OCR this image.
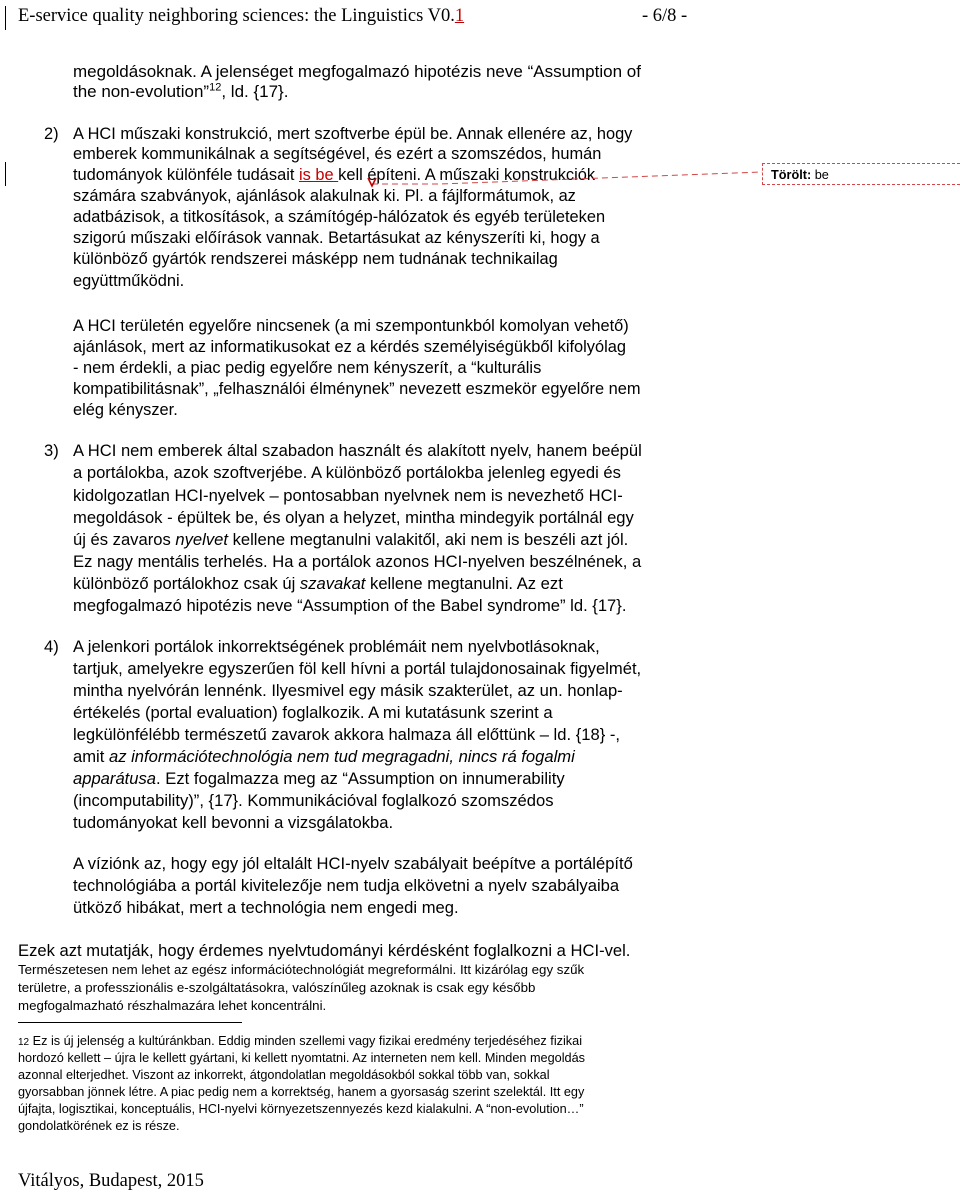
E-service quality neighboring sciences: the Linguistics V0.1	- 6/8 -
megoldásoknak. A jelenséget megfogalmazó hipotézis neve “Assumption of
the non-evolution”$^{12}$, ld. {17}.
2) A HCI műszaki konstrukció, mert szoftverbe épül be. Annak ellenére az, hogy
emberek kommunikálnak a segítségével, és ezért a szomszédos, humán
tudományok különféle tudásait is be kell építeni. A műszaki konstrukciók
számára szabványok, ajánlások alakulnak ki. Pl. a fájlformátumok, az
adatbázisok, a titkosítások, a számítógép-hálózatok és egyéb területeken
szigorú műszaki előírások vannak. Betartásukat az kényszeríti ki, hogy a
különböző gyártók rendszerei másképp nem tudnának technikailag
együttműködni.
Törölt: be
A HCI területén egyelőre nincsenek (a mi szempontunkból komolyan vehető)
ajánlások, mert az informatikusokat ez a kérdés személyiségükből kifolyólag
- nem érdekli, a piac pedig egyelőre nem kényszerít, a “kulturális
kompatibilitásnak”, „felhasználói élménynek” nevezett eszmekör egyelőre nem
elég kényszer.
3) A HCI nem emberek által szabadon használt és alakított nyelv, hanem beépül
a portálokba, azok szoftverjébe. A különböző portálokba jelenleg egyedi és
kidolgozatlan HCI-nyelvek – pontosabban nyelvnek nem is nevezhető HCI-
megoldások - épültek be, és olyan a helyzet, mintha mindegyik portálnál egy
új és zavaros nyelvet kellene megtanulni valakitől, aki nem is beszéli azt jól.
Ez nagy mentális terhelés. Ha a portálok azonos HCI-nyelven beszélnének, a
különböző portálokhoz csak új szavakat kellene megtanulni. Az ezt
megfogalmazó hipotézis neve “Assumption of the Babel syndrome” ld. {17}.
4) A jelenkori portálok inkorrektségének problémáit nem nyelvbotlásoknak,
tartjuk, amelyekre egyszerűen föl kell hívni a portál tulajdonosainak figyelmét,
mintha nyelvórán lennénk. Ilyesmivel egy másik szakterület, az un. honlap-
értékelés (portal evaluation) foglalkozik. A mi kutatásunk szerint a
legkülönfélébb természetű zavarok akkora halmaza áll előttünk – ld. {18} -,
amit az információtechnológia nem tud megragadni, nincs rá fogalmi
apparátusa. Ezt fogalmazza meg az “Assumption on innumerability
(incomputability)”, {17}. Kommunikációval foglalkozó szomszédos
tudományokat kell bevonni a vizsgálatokba.
A víziónk az, hogy egy jól eltalált HCI-nyelv szabályait beépítve a portálépítő
technológiába a portál kivitelezője nem tudja elkövetni a nyelv szabályaiba
ütköző hibákat, mert a technológia nem engedi meg.
Ezek azt mutatják, hogy érdemes nyelvtudományi kérdésként foglalkozni a HCI-vel.
Természetesen nem lehet az egész információtechnológiát megreformálni. Itt kizárólag egy szűk
területre, a professzionális e-szolgáltatásokra, valószínűleg azoknak is csak egy később
megfogalmazható részhalmazára lehet koncentrálni.
12 Ez is új jelenség a kultúránkban. Eddig minden szellemi vagy fizikai eredmény terjedéséhez fizikai
hordozó kellett – újra le kellett gyártani, ki kellett nyomtatni. Az interneten nem kell. Minden megoldás
azonnal elterjedhet. Viszont az inkorrekt, átgondolatlan megoldásokból sokkal több van, sokkal
gyorsabban jönnek létre. A piac pedig nem a korrektség, hanem a gyorsaság szerint szelektál. Itt egy
újfajta, logisztikai, konceptuális, HCI-nyelvi környezetszennyezés kezd kialakulni. A “non-evolution…”
gondolatkörének ez is része.
Vitályos, Budapest, 2015
